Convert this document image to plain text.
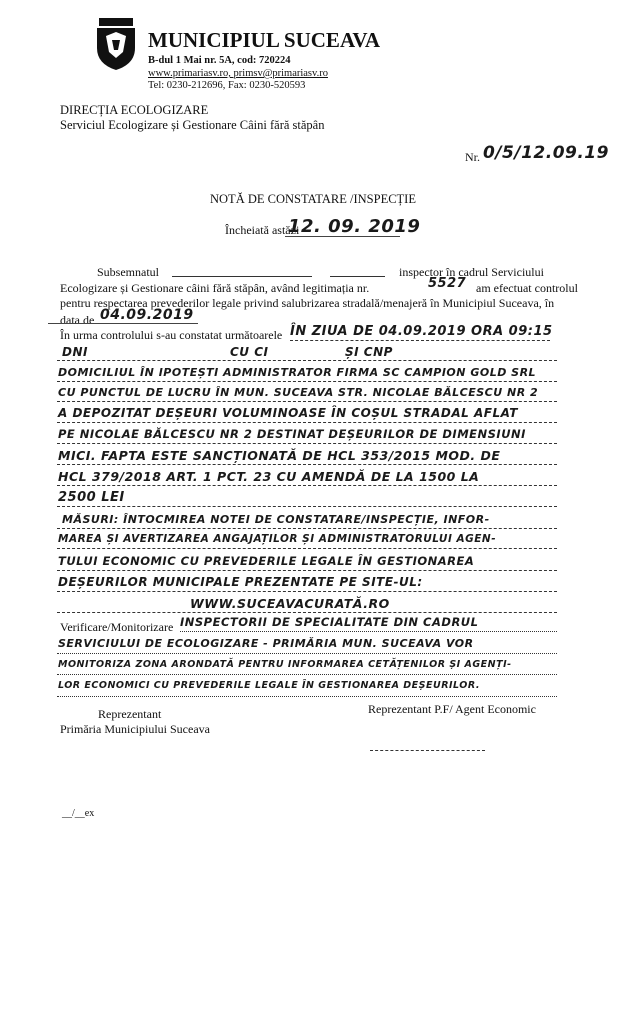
MUNICIPIUL SUCEAVA
B-dul 1 Mai nr. 5A, cod: 720224
www.primariasv.ro, primsv@primariasv.ro
Tel: 0230-212696, Fax: 0230-520593
DIRECȚIA ECOLOGIZARE
Serviciul Ecologizare și Gestionare Câini fără stăpân
Nr. 0/5/12.09.19
NOTĂ DE CONSTATARE /INSPECȚIE
Încheiată astăzi
12. 09. 2019
Subsemnatul	inspector în cadrul Serviciului
Ecologizare și Gestionare câini fără stăpân, având legitimația nr.	5527 am efectuat controlul
pentru respectarea prevederilor legale privind salubrizarea stradală/menajeră în Municipiul Suceava, în
data de 04.09.2019
În urma controlului s-au constatat următoarele ÎN ZIUA DE 04.09.2019 ORA 09:15
DNI	CU CI	ȘI CNP
DOMICILIUL ÎN IPOTEȘTI ADMINISTRATOR FIRMA SC CAMPION GOLD SRL
CU PUNCTUL DE LUCRU ÎN MUN. SUCEAVA STR. NICOLAE BĂLCESCU NR 2
A DEPOZITAT DEȘEURI VOLUMINOASE ÎN COȘUL STRADAL AFLAT
PE NICOLAE BĂLCESCU NR 2 DESTINAT DEȘEURILOR DE DIMENSIUNI
MICI. FAPTA ESTE SANCȚIONATĂ DE HCL 353/2015 MOD. DE
HCL 379/2018 ART. 1 PCT. 23 CU AMENDĂ DE LA 1500 LA
2500 LEI
MĂSURI: ÎNTOCMIREA NOTEI DE CONSTATARE/INSPECȚIE, INFOR-
MAREA ȘI AVERTIZAREA ANGAJAȚILOR ȘI ADMINISTRATORULUI AGEN-
TULUI ECONOMIC CU PREVEDERILE LEGALE ÎN GESTIONAREA
DEȘEURILOR MUNICIPALE PREZENTATE PE SITE-UL:
WWW.SUCEAVACURATĂ.RO
Verificare/Monitorizare INSPECTORII DE SPECIALITATE DIN CADRUL
SERVICIULUI DE ECOLOGIZARE - PRIMĂRIA MUN. SUCEAVA VOR
MONITORIZA ZONA ARONDATĂ PENTRU INFORMAREA CETĂȚENILOR ȘI AGENȚI-
LOR ECONOMICI CU PREVEDERILE LEGALE ÎN GESTIONAREA DEȘEURILOR.
Reprezentant
Primăria Municipiului Suceava
Reprezentant P.F/ Agent Economic
__/__ex
